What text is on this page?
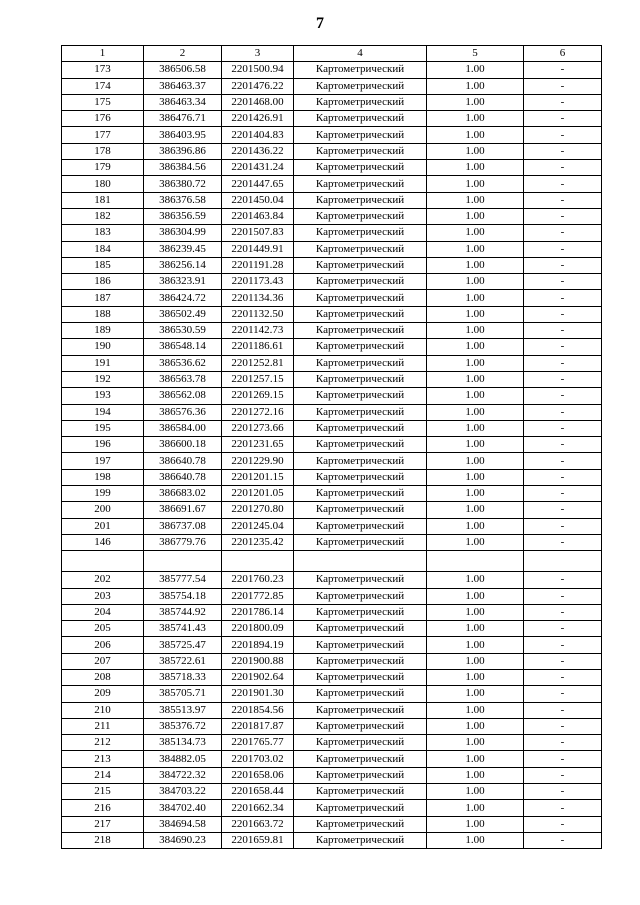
7
1	2	3	4	5	6
173	386506.58	2201500.94	Картометрический	1.00	-
174	386463.37	2201476.22	Картометрический	1.00	-
175	386463.34	2201468.00	Картометрический	1.00	-
176	386476.71	2201426.91	Картометрический	1.00	-
177	386403.95	2201404.83	Картометрический	1.00	-
178	386396.86	2201436.22	Картометрический	1.00	-
179	386384.56	2201431.24	Картометрический	1.00	-
180	386380.72	2201447.65	Картометрический	1.00	-
181	386376.58	2201450.04	Картометрический	1.00	-
182	386356.59	2201463.84	Картометрический	1.00	-
183	386304.99	2201507.83	Картометрический	1.00	-
184	386239.45	2201449.91	Картометрический	1.00	-
185	386256.14	2201191.28	Картометрический	1.00	-
186	386323.91	2201173.43	Картометрический	1.00	-
187	386424.72	2201134.36	Картометрический	1.00	-
188	386502.49	2201132.50	Картометрический	1.00	-
189	386530.59	2201142.73	Картометрический	1.00	-
190	386548.14	2201186.61	Картометрический	1.00	-
191	386536.62	2201252.81	Картометрический	1.00	-
192	386563.78	2201257.15	Картометрический	1.00	-
193	386562.08	2201269.15	Картометрический	1.00	-
194	386576.36	2201272.16	Картометрический	1.00	-
195	386584.00	2201273.66	Картометрический	1.00	-
196	386600.18	2201231.65	Картометрический	1.00	-
197	386640.78	2201229.90	Картометрический	1.00	-
198	386640.78	2201201.15	Картометрический	1.00	-
199	386683.02	2201201.05	Картометрический	1.00	-
200	386691.67	2201270.80	Картометрический	1.00	-
201	386737.08	2201245.04	Картометрический	1.00	-
146	386779.76	2201235.42	Картометрический	1.00	-

202	385777.54	2201760.23	Картометрический	1.00	-
203	385754.18	2201772.85	Картометрический	1.00	-
204	385744.92	2201786.14	Картометрический	1.00	-
205	385741.43	2201800.09	Картометрический	1.00	-
206	385725.47	2201894.19	Картометрический	1.00	-
207	385722.61	2201900.88	Картометрический	1.00	-
208	385718.33	2201902.64	Картометрический	1.00	-
209	385705.71	2201901.30	Картометрический	1.00	-
210	385513.97	2201854.56	Картометрический	1.00	-
211	385376.72	2201817.87	Картометрический	1.00	-
212	385134.73	2201765.77	Картометрический	1.00	-
213	384882.05	2201703.02	Картометрический	1.00	-
214	384722.32	2201658.06	Картометрический	1.00	-
215	384703.22	2201658.44	Картометрический	1.00	-
216	384702.40	2201662.34	Картометрический	1.00	-
217	384694.58	2201663.72	Картометрический	1.00	-
218	384690.23	2201659.81	Картометрический	1.00	-
